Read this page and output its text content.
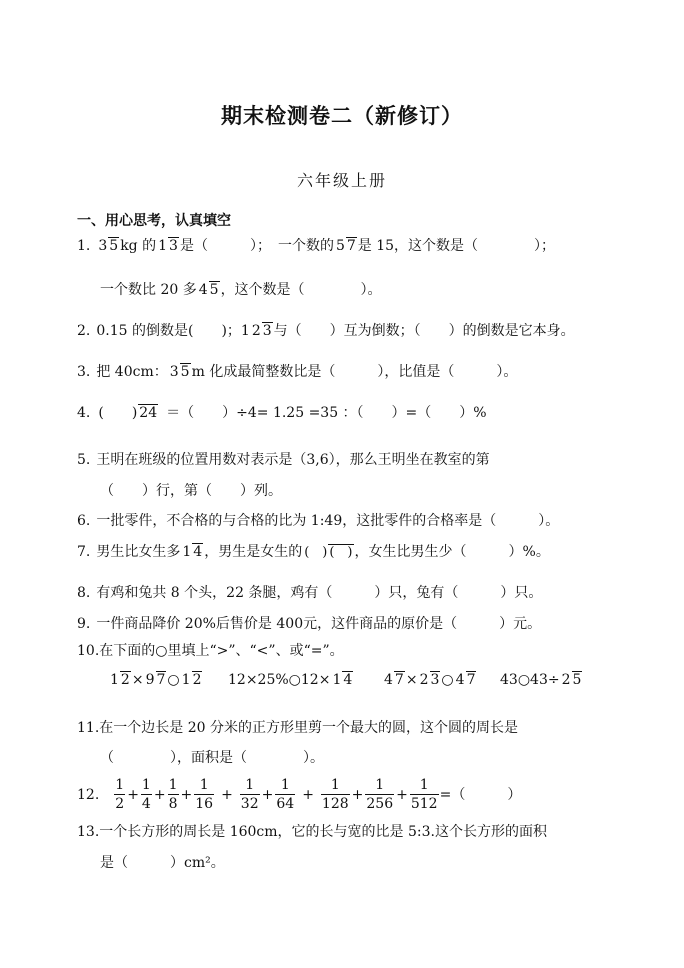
期末检测卷二（新修订）
六年级上册
一、用心思考，认真填空
1. 3 5 kg 的 1 3 是（　　　）；　一个数的 5 7 是 15，这个数是（　　　　）；
一个数比 20 多 4 5 ，这个数是（　　　　）。
2. 0.15 的倒数是(　　)；1 2 3 与（　　）互为倒数；（　　）的倒数是它本身。
3. 把 40cm： 3 5 m 化成最简整数比是（　　　），比值是（　　　）。
4. (　　) 24 ＝（　　）÷4= 1.25 =35 ：（　　）=（　　）%
5. 王明在班级的位置用数对表示是（3,6），那么王明坐在教室的第
（　　）行，第（　　）列。
6. 一批零件，不合格的与合格的比为 1:49，这批零件的合格率是（　　　）。
7. 男生比女生多 1 4 ，男生是女生的 (　) (　) ，女生比男生少（　　　）%。
8. 有鸡和兔共 8 个头，22 条腿，鸡有（　　　）只，兔有（　　　）只。
9. 一件商品降价 20%后售价是 400元，这件商品的原价是（　　　）元。
10. 在下面的○里填上“>”、“<”、或“=”。
1 2 × 9 7 ○ 1 2 12×25%○12× 1 4 4 7 × 2 3 ○ 4 7 43○43÷ 2 5
11. 在一个边长是 20 分米的正方形里剪一个最大的圆，这个圆的周长是
（　　　　），面积是（　　　　）。
12. $\frac{1}{2} + \frac{1}{4} + \frac{1}{8} + \frac{1}{16} + \frac{1}{32} + \frac{1}{64} + \frac{1}{128} + \frac{1}{256} + \frac{1}{512}$ =（　　　）
13. 一个长方形的周长是 160cm，它的长与宽的比是 5:3.这个长方形的面积
是（　　　）cm²。
